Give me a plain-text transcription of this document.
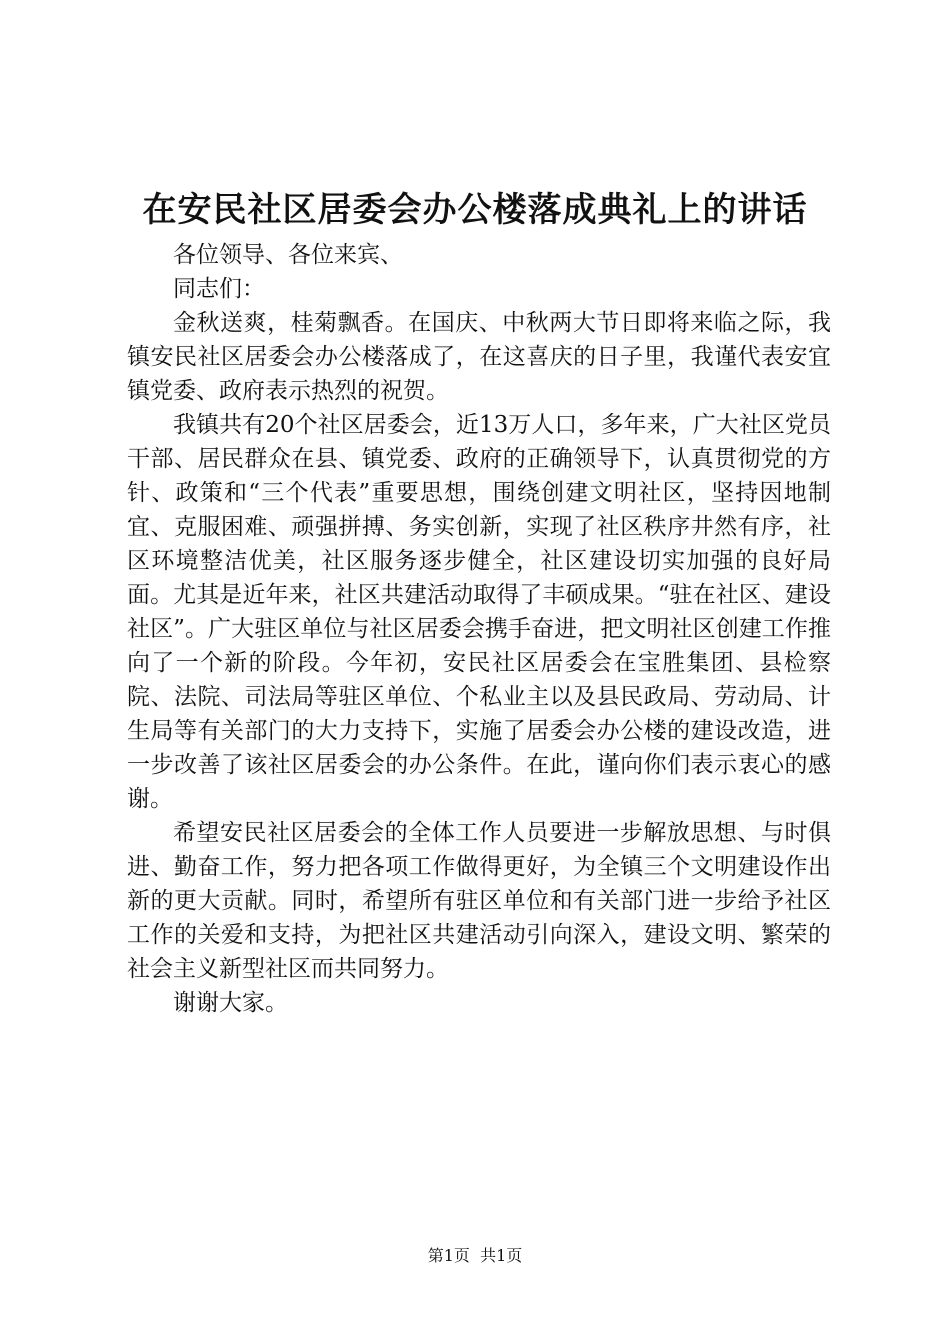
在安民社区居委会办公楼落成典礼上的讲话

各位领导、各位来宾、

同志们：

金秋送爽，桂菊飘香。在国庆、中秋两大节日即将来临之际，我镇安民社区居委会办公楼落成了，在这喜庆的日子里，我谨代表安宜镇党委、政府表示热烈的祝贺。

我镇共有20个社区居委会，近13万人口，多年来，广大社区党员干部、居民群众在县、镇党委、政府的正确领导下，认真贯彻党的方针、政策和“三个代表”重要思想，围绕创建文明社区，坚持因地制宜、克服困难、顽强拼搏、务实创新，实现了社区秩序井然有序，社区环境整洁优美，社区服务逐步健全，社区建设切实加强的良好局面。尤其是近年来，社区共建活动取得了丰硕成果。“驻在社区、建设社区”。广大驻区单位与社区居委会携手奋进，把文明社区创建工作推向了一个新的阶段。今年初，安民社区居委会在宝胜集团、县检察院、法院、司法局等驻区单位、个私业主以及县民政局、劳动局、计生局等有关部门的大力支持下，实施了居委会办公楼的建设改造，进一步改善了该社区居委会的办公条件。在此，谨向你们表示衷心的感谢。

希望安民社区居委会的全体工作人员要进一步解放思想、与时俱进、勤奋工作，努力把各项工作做得更好，为全镇三个文明建设作出新的更大贡献。同时，希望所有驻区单位和有关部门进一步给予社区工作的关爱和支持，为把社区共建活动引向深入，建设文明、繁荣的社会主义新型社区而共同努力。

谢谢大家。

第1页  共1页
